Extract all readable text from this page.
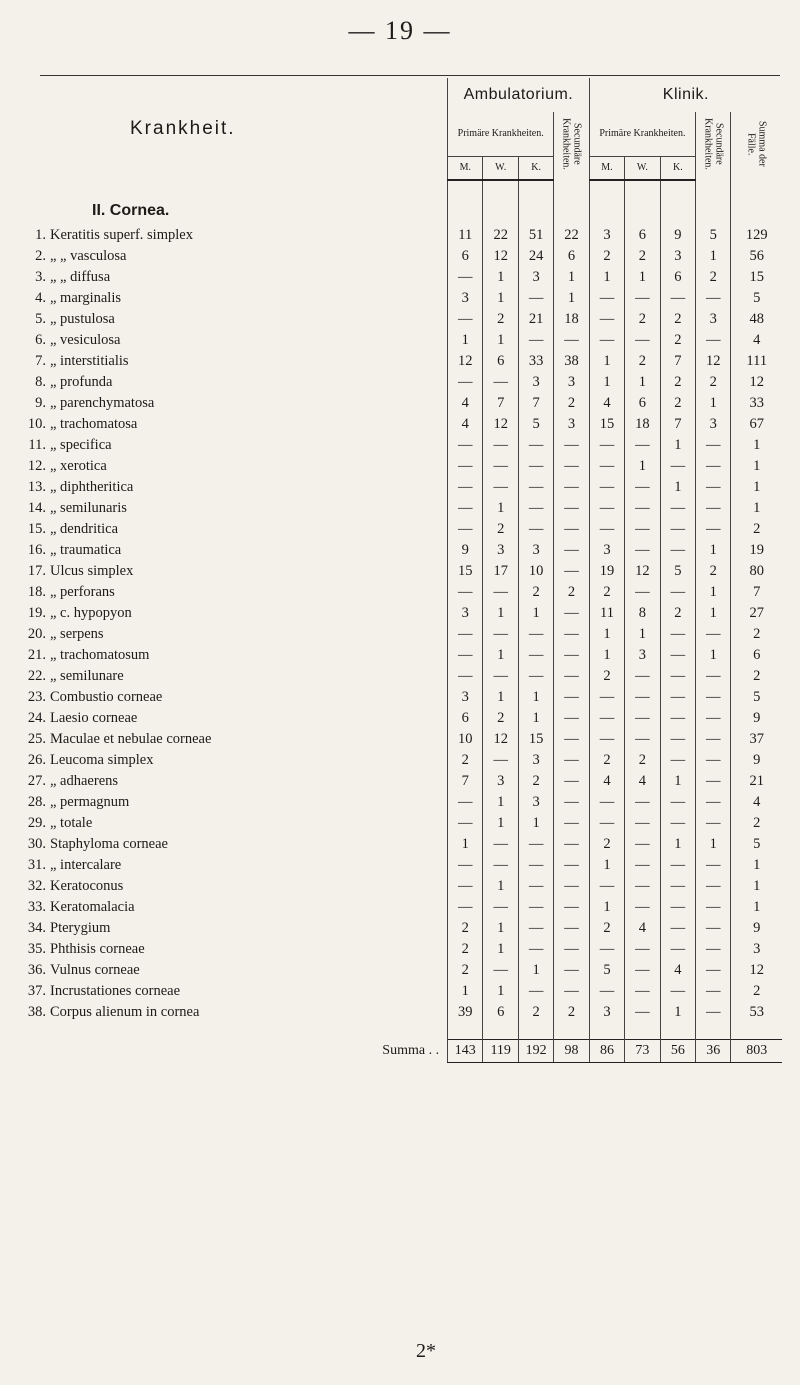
— 19 —
Krankheit.	Ambulatorium.				Klinik.				
	Primäre Krankheiten.			Secundäre Krankheiten.	Primäre Krankheiten.			Secundäre Krankheiten.	Summa der Fälle.
	M.	W.	K.		M.	W.	K.		
II. Cornea.									
1. Keratitis superf. simplex	11	22	51	22	3	6	9	5	129
2. „ „ vasculosa	6	12	24	6	2	2	3	1	56
3. „ „ diffusa	—	1	3	1	1	1	6	2	15
4. „ marginalis	3	1	—	1	—	—	—	—	5
5. „ pustulosa	—	2	21	18	—	2	2	3	48
6. „ vesiculosa	1	1	—	—	—	—	2	—	4
7. „ interstitialis	12	6	33	38	1	2	7	12	111
8. „ profunda	—	—	3	3	1	1	2	2	12
9. „ parenchymatosa	4	7	7	2	4	6	2	1	33
10. „ trachomatosa	4	12	5	3	15	18	7	3	67
11. „ specifica	—	—	—	—	—	—	1	—	1
12. „ xerotica	—	—	—	—	—	1	—	—	1
13. „ diphtheritica	—	—	—	—	—	—	1	—	1
14. „ semilunaris	—	1	—	—	—	—	—	—	1
15. „ dendritica	—	2	—	—	—	—	—	—	2
16. „ traumatica	9	3	3	—	3	—	—	1	19
17. Ulcus simplex	15	17	10	—	19	12	5	2	80
18. „ perforans	—	—	2	2	2	—	—	1	7
19. „ c. hypopyon	3	1	1	—	11	8	2	1	27
20. „ serpens	—	—	—	—	1	1	—	—	2
21. „ trachomatosum	—	1	—	—	1	3	—	1	6
22. „ semilunare	—	—	—	—	2	—	—	—	2
23. Combustio corneae	3	1	1	—	—	—	—	—	5
24. Laesio corneae	6	2	1	—	—	—	—	—	9
25. Maculae et nebulae corneae	10	12	15	—	—	—	—	—	37
26. Leucoma simplex	2	—	3	—	2	2	—	—	9
27. „ adhaerens	7	3	2	—	4	4	1	—	21
28. „ permagnum	—	1	3	—	—	—	—	—	4
29. „ totale	—	1	1	—	—	—	—	—	2
30. Staphyloma corneae	1	—	—	—	2	—	1	1	5
31. „ intercalare	—	—	—	—	1	—	—	—	1
32. Keratoconus	—	1	—	—	—	—	—	—	1
33. Keratomalacia	—	—	—	—	1	—	—	—	1
34. Pterygium	2	1	—	—	2	4	—	—	9
35. Phthisis corneae	2	1	—	—	—	—	—	—	3
36. Vulnus corneae	2	—	1	—	5	—	4	—	12
37. Incrustationes corneae	1	1	—	—	—	—	—	—	2
38. Corpus alienum in cornea	39	6	2	2	3	—	1	—	53

Summa . .	143	119	192	98	86	73	56	36	803
2*
